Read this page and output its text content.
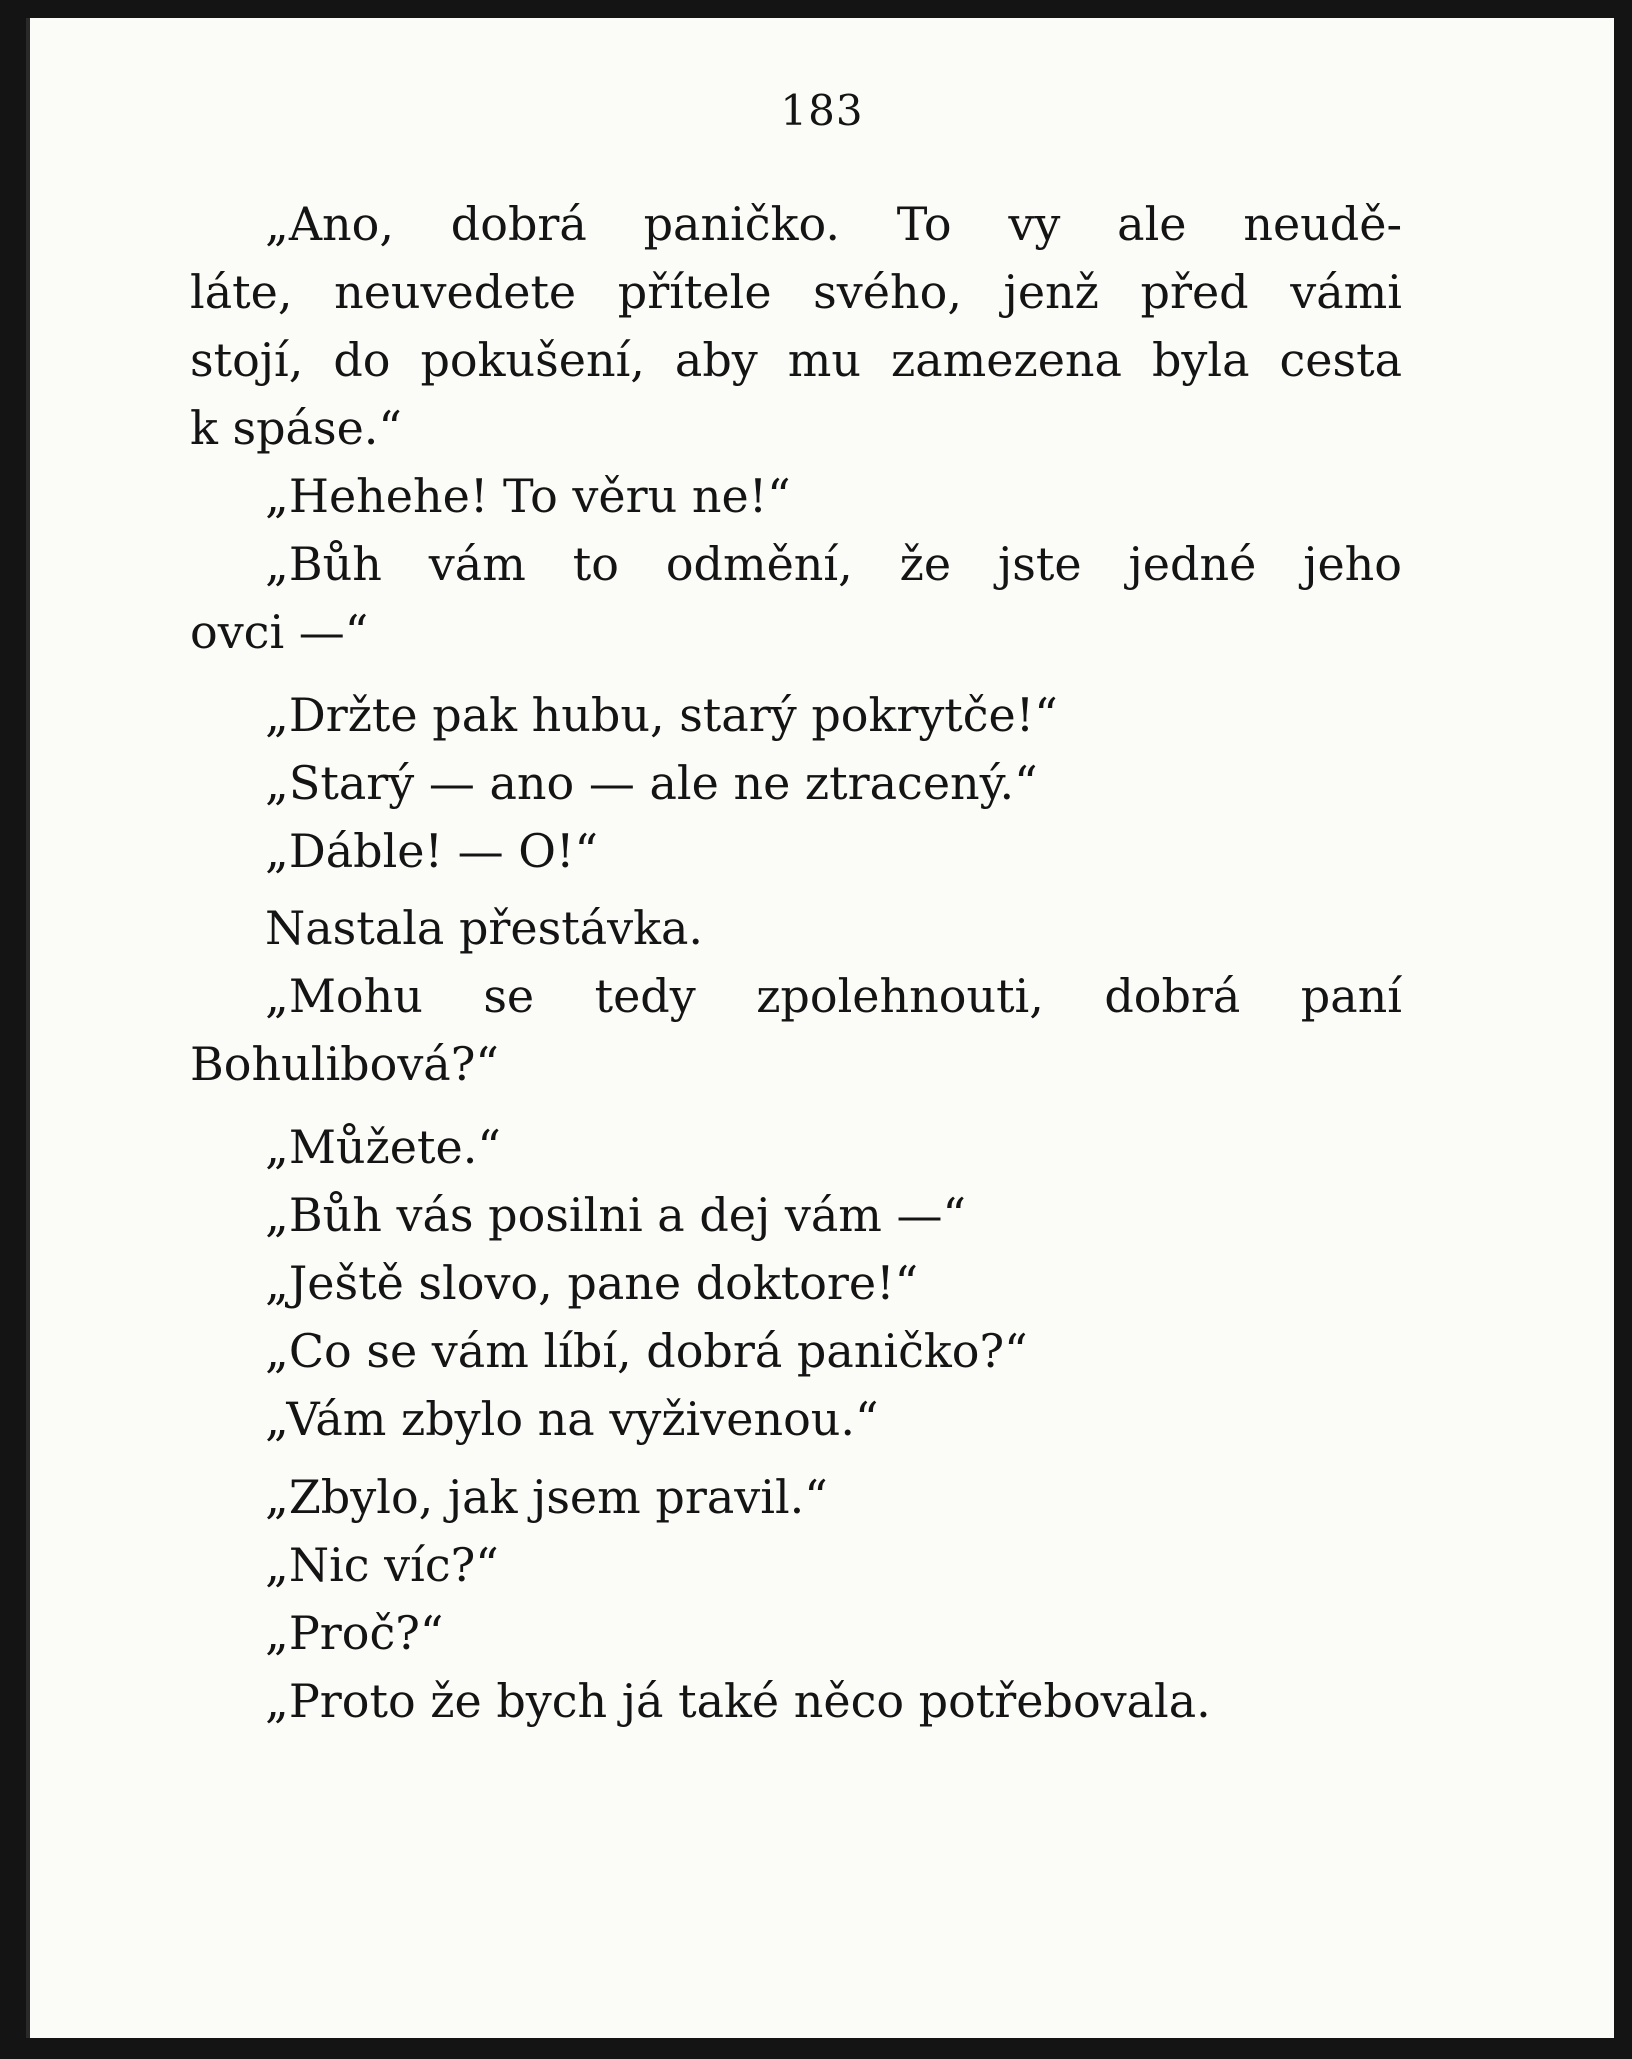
183
„Ano, dobrá paničko. To vy ale neudě-
láte, neuvedete přítele svého, jenž před vámi
stojí, do pokušení, aby mu zamezena byla cesta
k spáse.“
„Hehehe! To věru ne!“
„Bůh vám to odmění, že jste jedné jeho
ovci —“
„Držte pak hubu, starý pokrytče!“
„Starý — ano — ale ne ztracený.“
„Dáble! — O!“
Nastala přestávka.
„Mohu se tedy zpolehnouti, dobrá paní
Bohulibová?“
„Můžete.“
„Bůh vás posilni a dej vám —“
„Ještě slovo, pane doktore!“
„Co se vám líbí, dobrá paničko?“
„Vám zbylo na vyživenou.“
„Zbylo, jak jsem pravil.“
„Nic víc?“
„Proč?“
„Proto že bych já také něco potřebovala.
